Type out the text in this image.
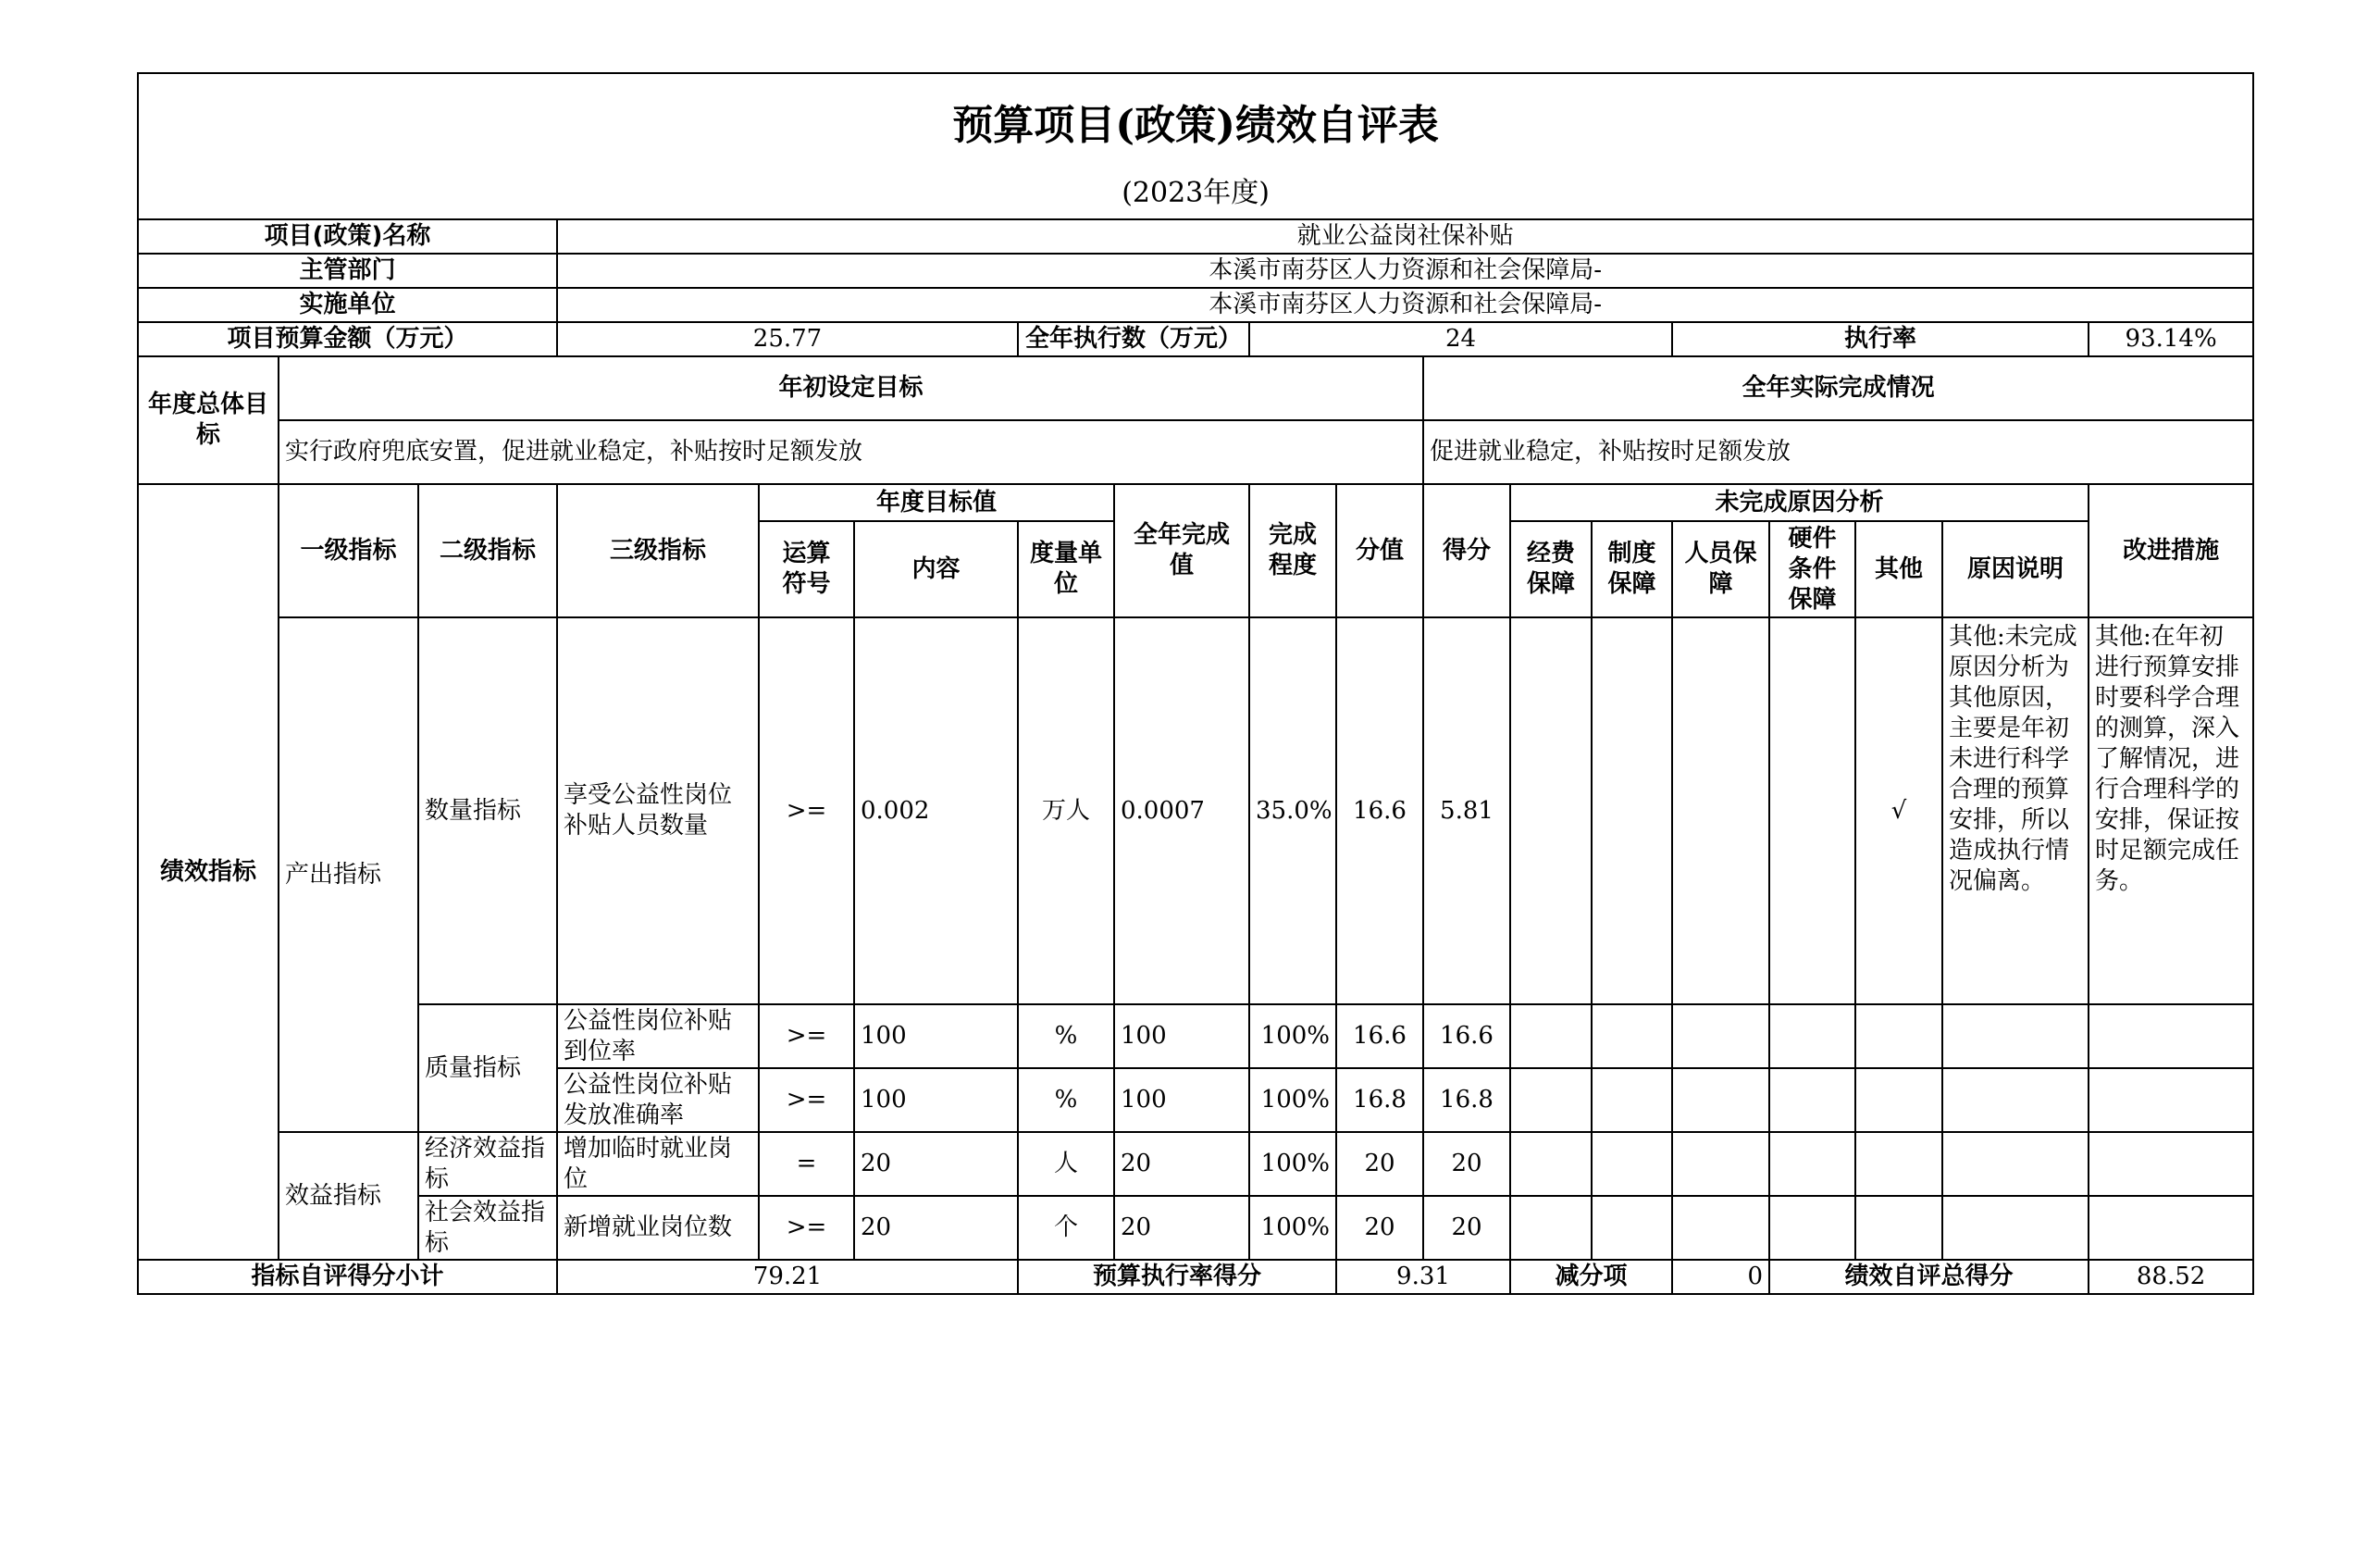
预算项目(政策)绩效自评表																	
(2023年度)																	
项目(政策)名称			就业公益岗社保补贴														
主管部门			本溪市南芬区人力资源和社会保障局-														
实施单位			本溪市南芬区人力资源和社会保障局-														
项目预算金额（万元）			25.77			全年执行数（万元）		24					执行率				93.14%
年度总体目标	年初设定目标									全年实际完成情况							
	实行政府兜底安置，促进就业稳定，补贴按时足额发放									促进就业稳定，补贴按时足额发放							
绩效指标	一级指标	二级指标	三级指标	年度目标值			全年完成值	完成程度	分值	得分	未完成原因分析						改进措施
				运算符号	内容	度量单位					经费保障	制度保障	人员保障	硬件条件保障	其他	原因说明	
	产出指标	数量指标	享受公益性岗位补贴人员数量	>=	0.002	万人	0.0007	35.0%	16.6	5.81					√	其他:未完成原因分析为其他原因，主要是年初未进行科学合理的预算安排，所以造成执行情况偏离。	其他:在年初进行预算安排时要科学合理的测算，深入了解情况，进行合理科学的安排，保证按时足额完成任务。
		质量指标	公益性岗位补贴到位率	>=	100	%	100	100%	16.6	16.6							
			公益性岗位补贴发放准确率	>=	100	%	100	100%	16.8	16.8							
	效益指标	经济效益指标	增加临时就业岗位	=	20	人	20	100%	20	20							
		社会效益指标	新增就业岗位数	>=	20	个	20	100%	20	20							
指标自评得分小计			79.21			预算执行率得分			9.31		减分项		0	绩效自评总得分			88.52
